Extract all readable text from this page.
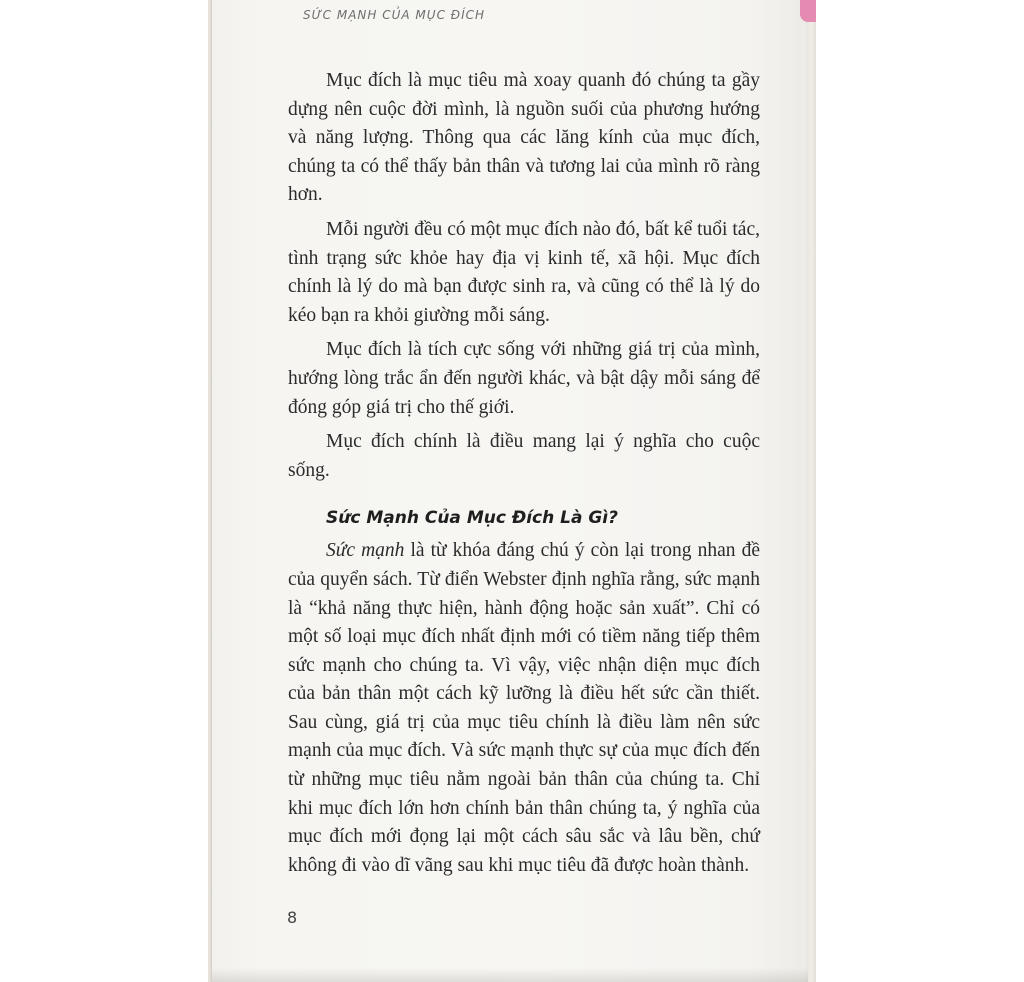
SỨC MẠNH CỦA MỤC ĐÍCH

Mục đích là mục tiêu mà xoay quanh đó chúng ta gầy dựng nên cuộc đời mình, là nguồn suối của phương hướng và năng lượng. Thông qua các lăng kính của mục đích, chúng ta có thể thấy bản thân và tương lai của mình rõ ràng hơn.

Mỗi người đều có một mục đích nào đó, bất kể tuổi tác, tình trạng sức khỏe hay địa vị kinh tế, xã hội. Mục đích chính là lý do mà bạn được sinh ra, và cũng có thể là lý do kéo bạn ra khỏi giường mỗi sáng.

Mục đích là tích cực sống với những giá trị của mình, hướng lòng trắc ẩn đến người khác, và bật dậy mỗi sáng để đóng góp giá trị cho thế giới.

Mục đích chính là điều mang lại ý nghĩa cho cuộc sống.

Sức Mạnh Của Mục Đích Là Gì?

Sức mạnh là từ khóa đáng chú ý còn lại trong nhan đề của quyển sách. Từ điển Webster định nghĩa rằng, sức mạnh là “khả năng thực hiện, hành động hoặc sản xuất”. Chỉ có một số loại mục đích nhất định mới có tiềm năng tiếp thêm sức mạnh cho chúng ta. Vì vậy, việc nhận diện mục đích của bản thân một cách kỹ lưỡng là điều hết sức cần thiết. Sau cùng, giá trị của mục tiêu chính là điều làm nên sức mạnh của mục đích. Và sức mạnh thực sự của mục đích đến từ những mục tiêu nằm ngoài bản thân của chúng ta. Chỉ khi mục đích lớn hơn chính bản thân chúng ta, ý nghĩa của mục đích mới đọng lại một cách sâu sắc và lâu bền, chứ không đi vào dĩ vãng sau khi mục tiêu đã được hoàn thành.

8
